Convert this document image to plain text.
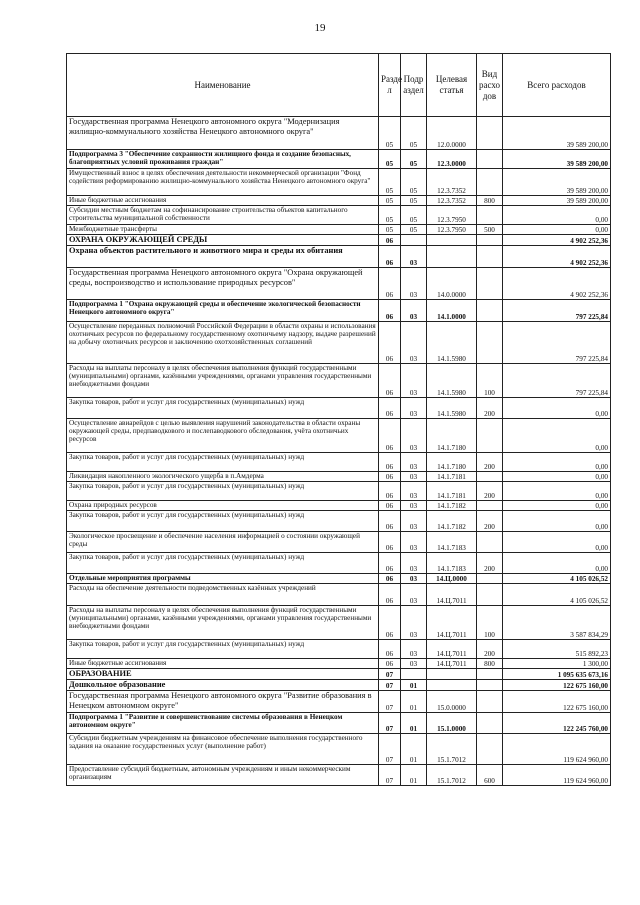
19
Наименование	Разде л	Подр аздел	Целевая статья	Вид расхо дов	Всего расходов
Государственная программа Ненецкого автономного округа "Модернизация жилищно-коммунального хозяйства Ненецкого автономного округа"	05	05	12.0.0000		39 589 200,00
Подпрограмма 3 "Обеспечение сохранности жилищного фонда и создание безопасных, благоприятных условий проживания граждан"	05	05	12.3.0000		39 589 200,00
Имущественный взнос в целях обеспечения деятельности некоммерческой организации "Фонд содействия реформированию жилищно-коммунального хозяйства Ненецкого автономного округа"	05	05	12.3.7352		39 589 200,00
Иные бюджетные ассигнования	05	05	12.3.7352	800	39 589 200,00
Субсидии местным бюджетам на софинансирование строительства объектов капитального строительства муниципальной собственности	05	05	12.3.7950		0,00
Межбюджетные трансферты	05	05	12.3.7950	500	0,00
ОХРАНА ОКРУЖАЮЩЕЙ СРЕДЫ	06				4 902 252,36
Охрана объектов растительного и животного мира и среды их обитания	06	03			4 902 252,36
Государственная программа Ненецкого автономного округа "Охрана окружающей среды, воспроизводство и использование природных ресурсов"	06	03	14.0.0000		4 902 252,36
Подпрограмма 1 "Охрана окружающей среды и обеспечение экологической безопасности Ненецкого автономного округа"	06	03	14.1.0000		797 225,84
Осуществление переданных полномочий Российской Федерации в области охраны и использования охотничьих ресурсов по федеральному государственному охотничьему надзору, выдаче разрешений на добычу охотничьих ресурсов и заключению охотхозяйственных соглашений	06	03	14.1.5980		797 225,84
Расходы на выплаты персоналу в целях обеспечения выполнения функций государственными (муниципальными) органами, казёнными учреждениями, органами управления государственными внебюджетными фондами	06	03	14.1.5980	100	797 225,84
Закупка товаров, работ и услуг для государственных (муниципальных) нужд	06	03	14.1.5980	200	0,00
Осуществление авиарейдов с целью выявления нарушений законодательства в области охраны окружающей среды, предпаводкового и послепаводкового обследования, учёта охотничьих ресурсов	06	03	14.1.7180		0,00
Закупка товаров, работ и услуг для государственных (муниципальных) нужд	06	03	14.1.7180	200	0,00
Ликвидация накопленного экологического ущерба в п.Амдерма	06	03	14.1.7181		0,00
Закупка товаров, работ и услуг для государственных (муниципальных) нужд	06	03	14.1.7181	200	0,00
Охрана природных ресурсов	06	03	14.1.7182		0,00
Закупка товаров, работ и услуг для государственных (муниципальных) нужд	06	03	14.1.7182	200	0,00
Экологическое просвещение и обеспечение населения информацией о состоянии окружающей среды	06	03	14.1.7183		0,00
Закупка товаров, работ и услуг для государственных (муниципальных) нужд	06	03	14.1.7183	200	0,00
Отдельные мероприятия программы	06	03	14.Ц.0000		4 105 026,52
Расходы на обеспечение деятельности подведомственных казённых учреждений	06	03	14.Ц.7011		4 105 026,52
Расходы на выплаты персоналу в целях обеспечения выполнения функций государственными (муниципальными) органами, казёнными учреждениями, органами управления государственными внебюджетными фондами	06	03	14.Ц.7011	100	3 587 834,29
Закупка товаров, работ и услуг для государственных (муниципальных) нужд	06	03	14.Ц.7011	200	515 892,23
Иные бюджетные ассигнования	06	03	14.Ц.7011	800	1 300,00
ОБРАЗОВАНИЕ	07				1 095 635 673,16
Дошкольное образование	07	01			122 675 160,00
Государственная программа Ненецкого автономного округа "Развитие образования в Ненецком автономном округе"	07	01	15.0.0000		122 675 160,00
Подпрограмма 1 "Развитие и совершенствование системы образования в Ненецком автономном округе"	07	01	15.1.0000		122 245 760,00
Субсидии бюджетным учреждениям на финансовое обеспечение выполнения государственного задания на оказание государственных услуг (выполнение работ)	07	01	15.1.7012		119 624 960,00
Предоставление субсидий бюджетным, автономным учреждениям и иным некоммерческим организациям	07	01	15.1.7012	600	119 624 960,00
